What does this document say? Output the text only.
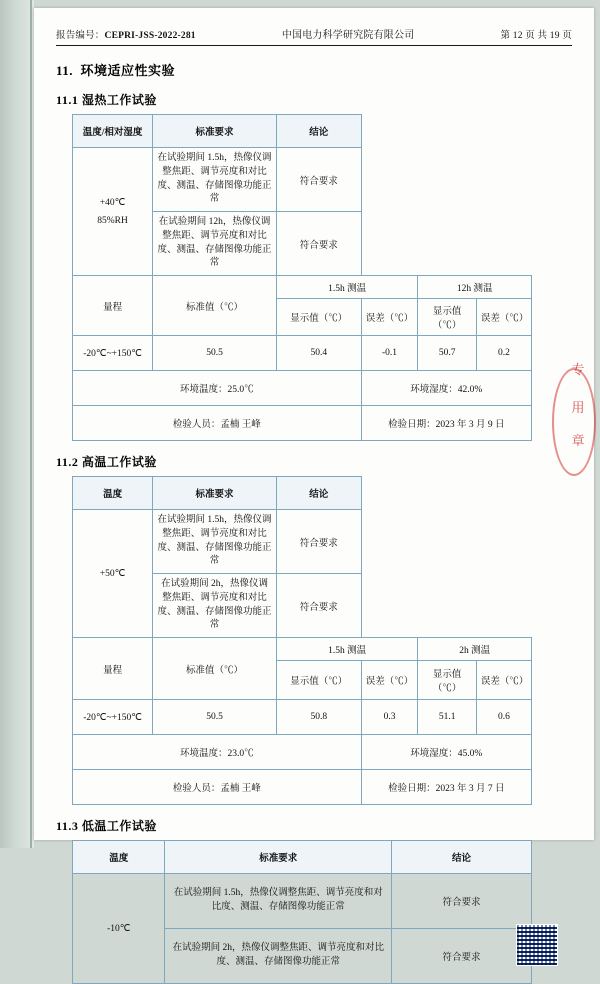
报告编号：CEPRI-JSS-2022-281	中国电力科学研究院有限公司	第 12 页 共 19 页
11. 环境适应性实验
11.1 湿热工作试验
温度/相对湿度	标准要求	结论			

+40℃
85%RH	在试验期间 1.5h，热像仪调整焦距、调节亮度和对比度、测温、存储图像功能正常	符合要求			
	在试验期间 12h，热像仪调整焦距、调节亮度和对比度、测温、存储图像功能正常	符合要求			
量程	标准值（℃）	1.5h 测温		12h 测温	
		显示值（℃）	误差（℃）	显示值（℃）	误差（℃）
-20℃~+150℃	50.5	50.4	-0.1	50.7	0.2
环境温度：25.0℃			环境湿度：42.0%		
检验人员：孟楠 王峰			检验日期：2023 年 3 月 9 日		
11.2 高温工作试验
温度	标准要求	结论			
+50℃	在试验期间 1.5h，热像仪调整焦距、调节亮度和对比度、测温、存储图像功能正常	符合要求			
	在试验期间 2h，热像仪调整焦距、调节亮度和对比度、测温、存储图像功能正常	符合要求			
量程	标准值（℃）	1.5h 测温		2h 测温	
		显示值（℃）	误差（℃）	显示值（℃）	误差（℃）
-20℃~+150℃	50.5	50.8	0.3	51.1	0.6
环境温度：23.0℃			环境湿度：45.0%		
检验人员：孟楠 王峰			检验日期：2023 年 3 月 7 日		
11.3 低温工作试验
温度	标准要求	结论
-10℃	在试验期间 1.5h，热像仪调整焦距、调节亮度和对比度、测温、存储图像功能正常	符合要求
	在试验期间 2h，热像仪调整焦距、调节亮度和对比度、测温、存储图像功能正常	符合要求
专
用
章
